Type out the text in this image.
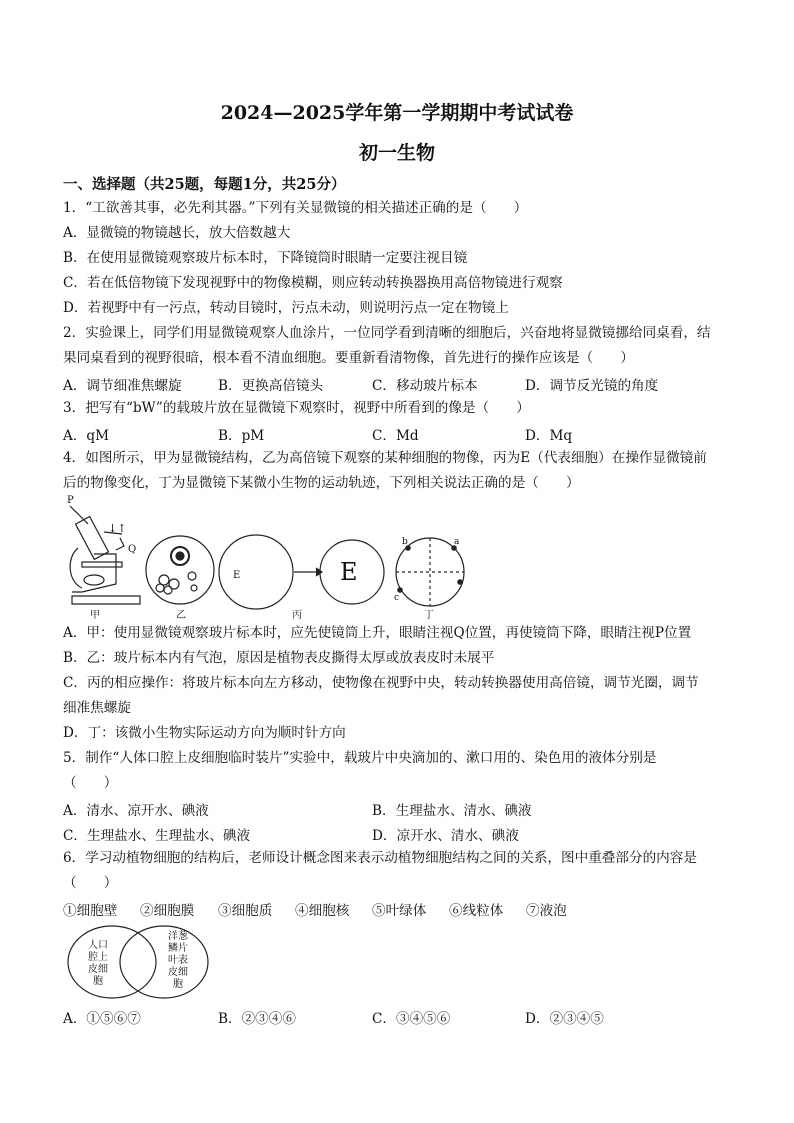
2024—2025学年第一学期期中考试试卷
初一生物
一、选择题（共25题，每题1分，共25分）
1．“工欲善其事，必先利其器。”下列有关显微镜的相关描述正确的是（　　）
A．显微镜的物镜越长，放大倍数越大
B．在使用显微镜观察玻片标本时，下降镜筒时眼睛一定要注视目镜
C．若在低倍物镜下发现视野中的物像模糊，则应转动转换器换用高倍物镜进行观察
D．若视野中有一污点，转动目镜时，污点未动，则说明污点一定在物镜上
2．实验课上，同学们用显微镜观察人血涂片，一位同学看到清晰的细胞后，兴奋地将显微镜挪给同桌看，结
果同桌看到的视野很暗，根本看不清血细胞。要重新看清物像，首先进行的操作应该是（　　）
A．调节细准焦螺旋	B．更换高倍镜头	C．移动玻片标本	D．调节反光镜的角度
3．把写有“bW”的载玻片放在显微镜下观察时，视野中所看到的像是（　　）
A．qM	B．pM	C．Md	D．Mq
4．如图所示，甲为显微镜结构，乙为高倍镜下观察的某种细胞的物像，丙为E（代表细胞）在操作显微镜前
后的物像变化，丁为显微镜下某微小生物的运动轨迹，下列相关说法正确的是（　　）
P
Q
↓↑
甲	乙
E	E
丙
b	a
c
丁
A．甲：使用显微镜观察玻片标本时，应先使镜筒上升，眼睛注视Q位置，再使镜筒下降，眼睛注视P位置
B．乙：玻片标本内有气泡，原因是植物表皮撕得太厚或放表皮时未展平
C．丙的相应操作：将玻片标本向左方移动，使物像在视野中央，转动转换器使用高倍镜，调节光圈，调节
细准焦螺旋
D．丁：该微小生物实际运动方向为顺时针方向
5．制作“人体口腔上皮细胞临时装片”实验中，载玻片中央滴加的、漱口用的、染色用的液体分别是
（　　）
A．清水、凉开水、碘液	B．生理盐水、清水、碘液
C．生理盐水、生理盐水、碘液	D．凉开水、清水、碘液
6．学习动植物细胞的结构后，老师设计概念图来表示动植物细胞结构之间的关系，图中重叠部分的内容是
（　　）
①细胞壁 ②细胞膜 ③细胞质 ④细胞核 ⑤叶绿体 ⑥线粒体 ⑦液泡
人口
腔上
皮细
胞
洋葱
鳞片
叶表
皮细
胞
A．①⑤⑥⑦	B．②③④⑥	C．③④⑤⑥	D．②③④⑤
